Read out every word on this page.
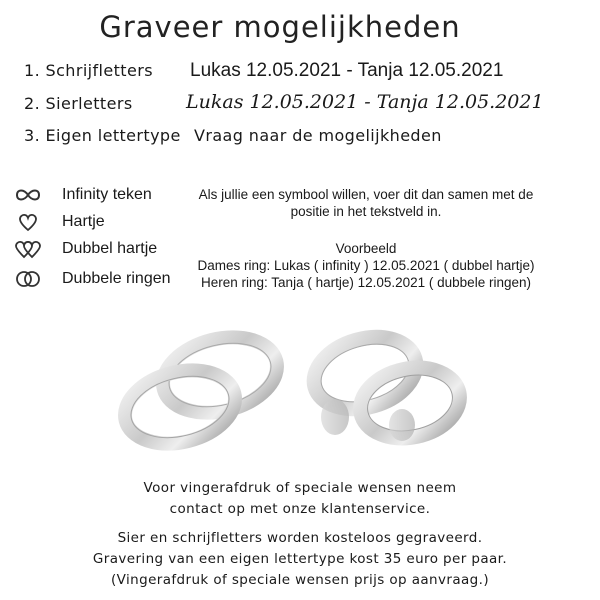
Graveer mogelijkheden
1. Schrijfletters Lukas 12.05.2021 - Tanja 12.05.2021
2. Sierletters	Lukas 12.05.2021 - Tanja 12.05.2021
3. Eigen lettertype Vraag naar de mogelijkheden
Infinity teken
Hartje
Dubbel hartje
Dubbele ringen
Als jullie een symbool willen, voer dit dan samen met de
positie in het tekstveld in.
Voorbeeld
Dames ring: Lukas ( infinity ) 12.05.2021 ( dubbel hartje)
Heren ring: Tanja ( hartje) 12.05.2021 ( dubbele ringen)
Voor vingerafdruk of speciale wensen neem
contact op met onze klantenservice.
Sier en schrijfletters worden kosteloos gegraveerd.
Gravering van een eigen lettertype kost 35 euro per paar.
(Vingerafdruk of speciale wensen prijs op aanvraag.)
